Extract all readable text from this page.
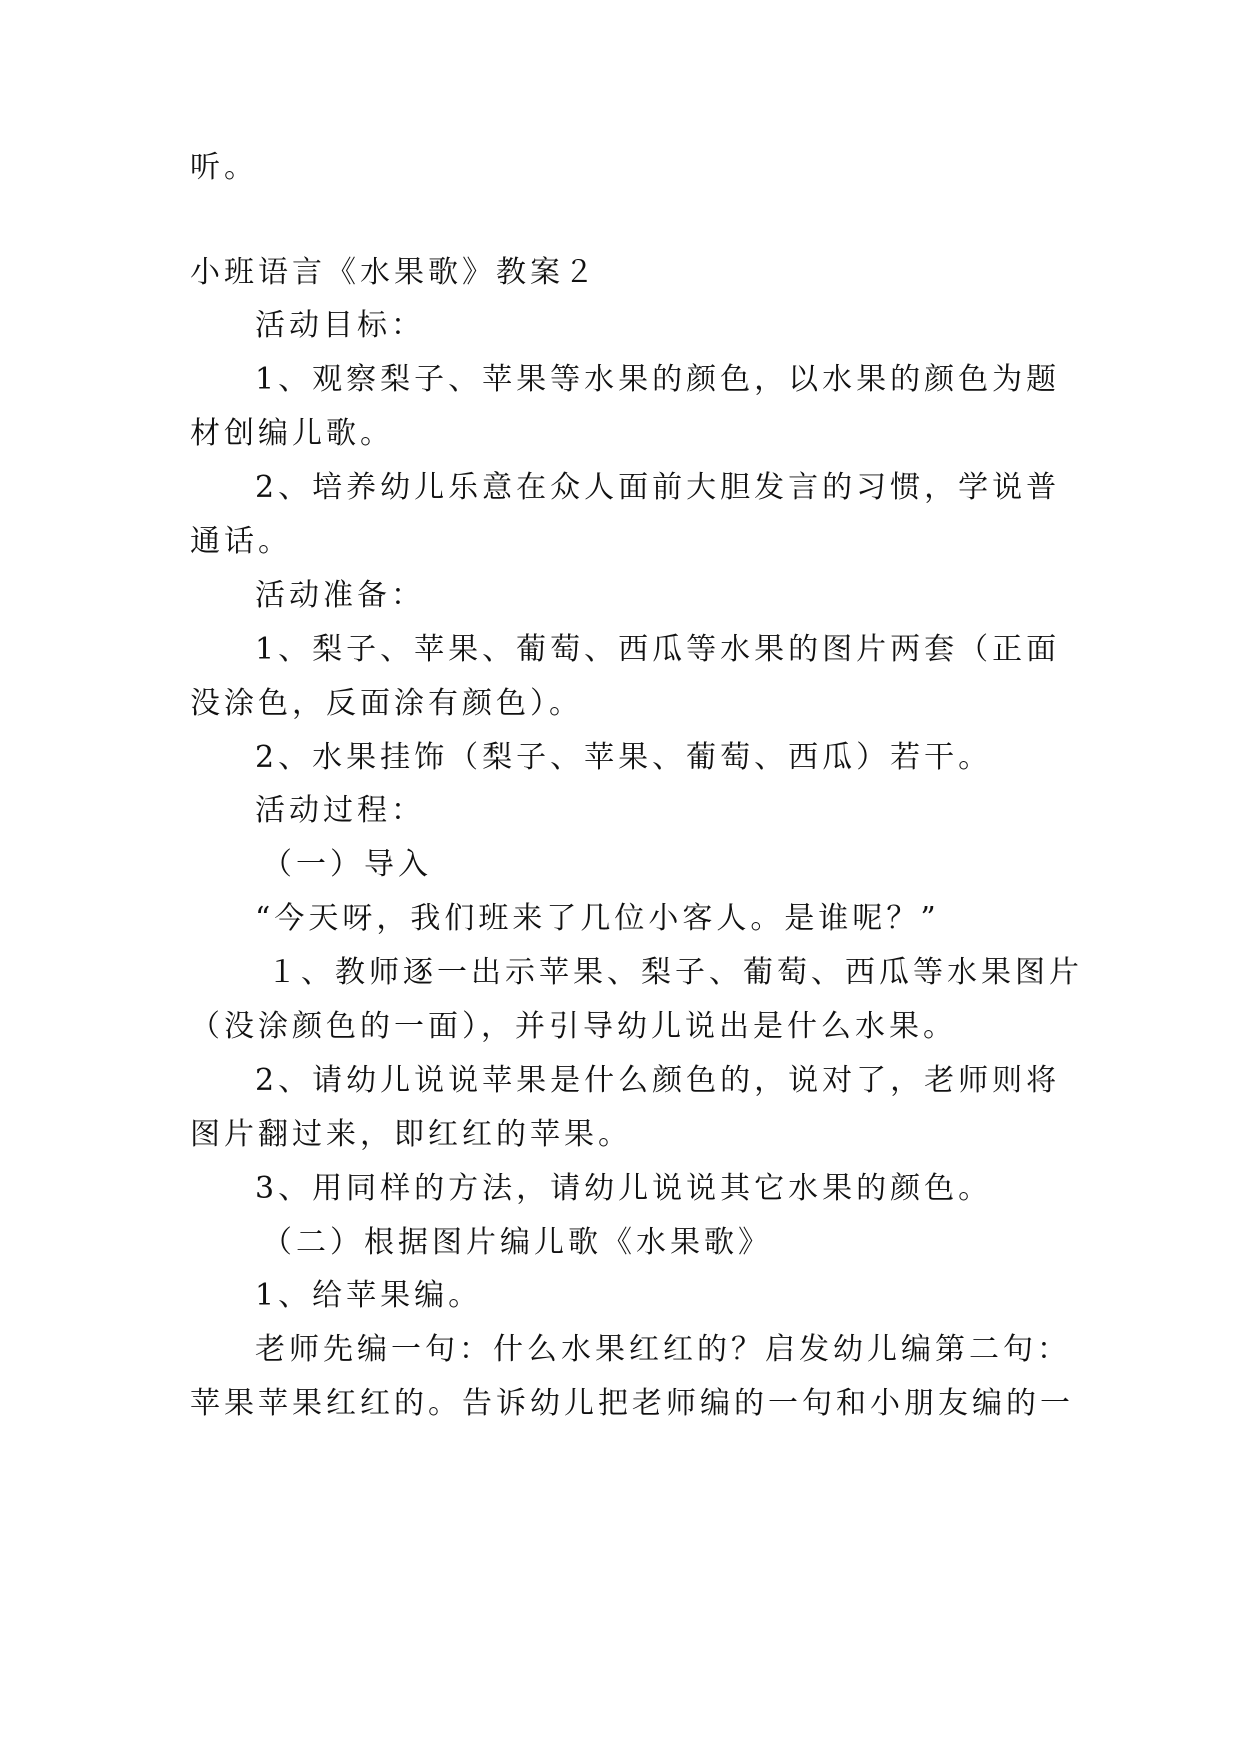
听。
小班语言《水果歌》教案２
活动目标：
1、观察梨子、苹果等水果的颜色，以水果的颜色为题
材创编儿歌。
2、培养幼儿乐意在众人面前大胆发言的习惯，学说普
通话。
活动准备：
1、梨子、苹果、葡萄、西瓜等水果的图片两套（正面
没涂色，反面涂有颜色）。
2、水果挂饰（梨子、苹果、葡萄、西瓜）若干。
活动过程：
（一）导入
“今天呀，我们班来了几位小客人。是谁呢？”
１、教师逐一出示苹果、梨子、葡萄、西瓜等水果图片
（没涂颜色的一面），并引导幼儿说出是什么水果。
2、请幼儿说说苹果是什么颜色的，说对了，老师则将
图片翻过来，即红红的苹果。
3、用同样的方法，请幼儿说说其它水果的颜色。
（二）根据图片编儿歌《水果歌》
1、给苹果编。
老师先编一句：什么水果红红的？启发幼儿编第二句：
苹果苹果红红的。告诉幼儿把老师编的一句和小朋友编的一
